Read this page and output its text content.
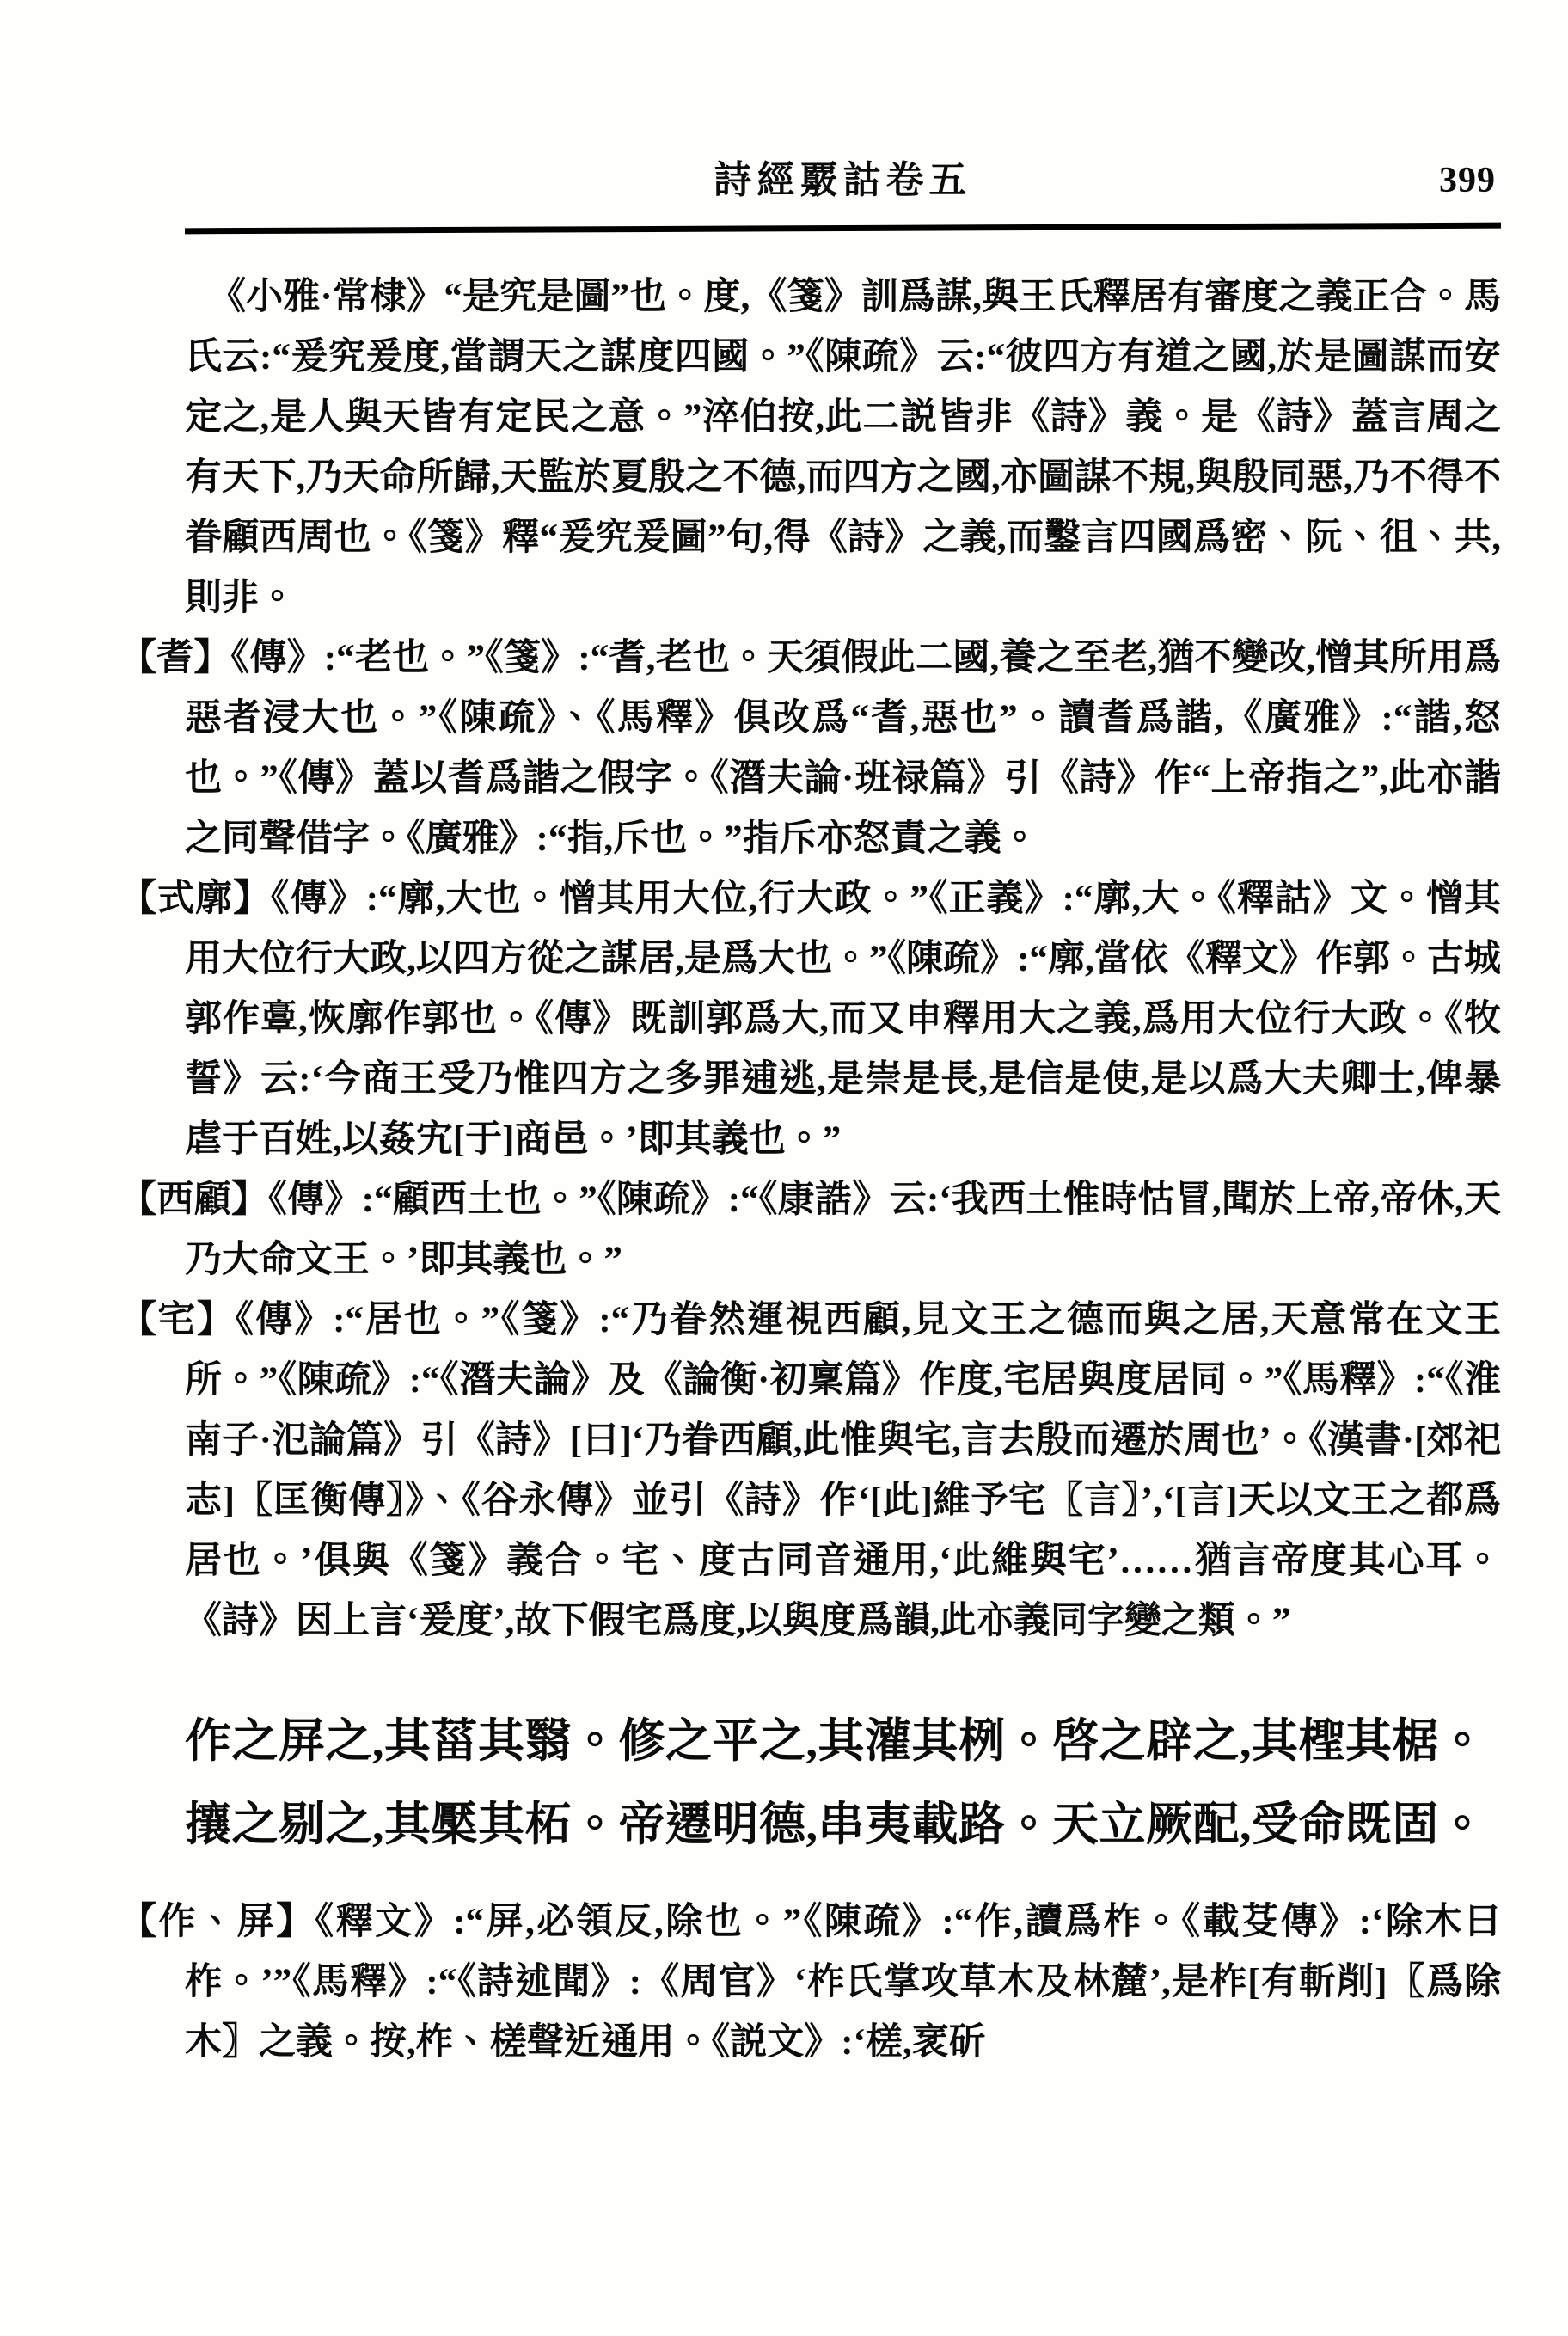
詩經覈詁卷五	399

《小雅·常棣》“是究是圖”也。度,《箋》訓爲謀,與王氏釋居有審度之義正合。馬氏云:“爰究爰度,當謂天之謀度四國。”《陳疏》云:“彼四方有道之國,於是圖謀而安定之,是人與天皆有定民之意。”淬伯按,此二説皆非《詩》義。是《詩》蓋言周之有天下,乃天命所歸,天監於夏殷之不德,而四方之國,亦圖謀不規,與殷同惡,乃不得不眷顧西周也。《箋》釋“爰究爰圖”句,得《詩》之義,而鑿言四國爲密、阮、徂、共,則非。

【耆】《傳》:“老也。”《箋》:“耆,老也。天須假此二國,養之至老,猶不變改,憎其所用爲惡者浸大也。”《陳疏》、《馬釋》俱改爲“耆,惡也”。讀耆爲諧,《廣雅》:“諧,怒也。”《傳》蓋以耆爲諧之假字。《潛夫論·班禄篇》引《詩》作“上帝指之”,此亦諧之同聲借字。《廣雅》:“指,斥也。”指斥亦怒責之義。

【式廓】《傳》:“廓,大也。憎其用大位,行大政。”《正義》:“廓,大。《釋詁》文。憎其用大位行大政,以四方從之謀居,是爲大也。”《陳疏》:“廓,當依《釋文》作郭。古城郭作𩫏,恢廓作郭也。《傳》既訓郭爲大,而又申釋用大之義,爲用大位行大政。《牧誓》云:‘今商王受乃惟四方之多罪逋逃,是崇是長,是信是使,是以爲大夫卿士,俾暴虐于百姓,以姦宄[于]商邑。’即其義也。”

【西顧】《傳》:“顧西土也。”《陳疏》:“《康誥》云:‘我西土惟時怙冒,聞於上帝,帝休,天乃大命文王。’即其義也。”

【宅】《傳》:“居也。”《箋》:“乃眷然運視西顧,見文王之德而與之居,天意常在文王所。”《陳疏》:“《潛夫論》及《論衡·初稟篇》作度,宅居與度居同。”《馬釋》:“《淮南子·氾論篇》引《詩》[曰]‘乃眷西顧,此惟與宅,言去殷而遷於周也’。《漢書·[郊祀志]〖匡衡傳〗》、《谷永傳》並引《詩》作‘[此]維予宅〖言〗’,‘[言]天以文王之都爲居也。’俱與《箋》義合。宅、度古同音通用,‘此維與宅’……猶言帝度其心耳。《詩》因上言‘爰度’,故下假宅爲度,以與度爲韻,此亦義同字變之類。”

作之屏之,其菑其翳。修之平之,其灌其栵。啓之辟之,其檉其椐。
攘之剔之,其檿其柘。帝遷明德,串夷載路。天立厥配,受命既固。

【作、屏】《釋文》:“屏,必領反,除也。”《陳疏》:“作,讀爲柞。《載芟傳》:‘除木曰柞。’”《馬釋》:“《詩述聞》:《周官》‘柞氏掌攻草木及林麓’,是柞[有斬削]〖爲除木〗之義。按,柞、槎聲近通用。《説文》:‘槎,衺斫
